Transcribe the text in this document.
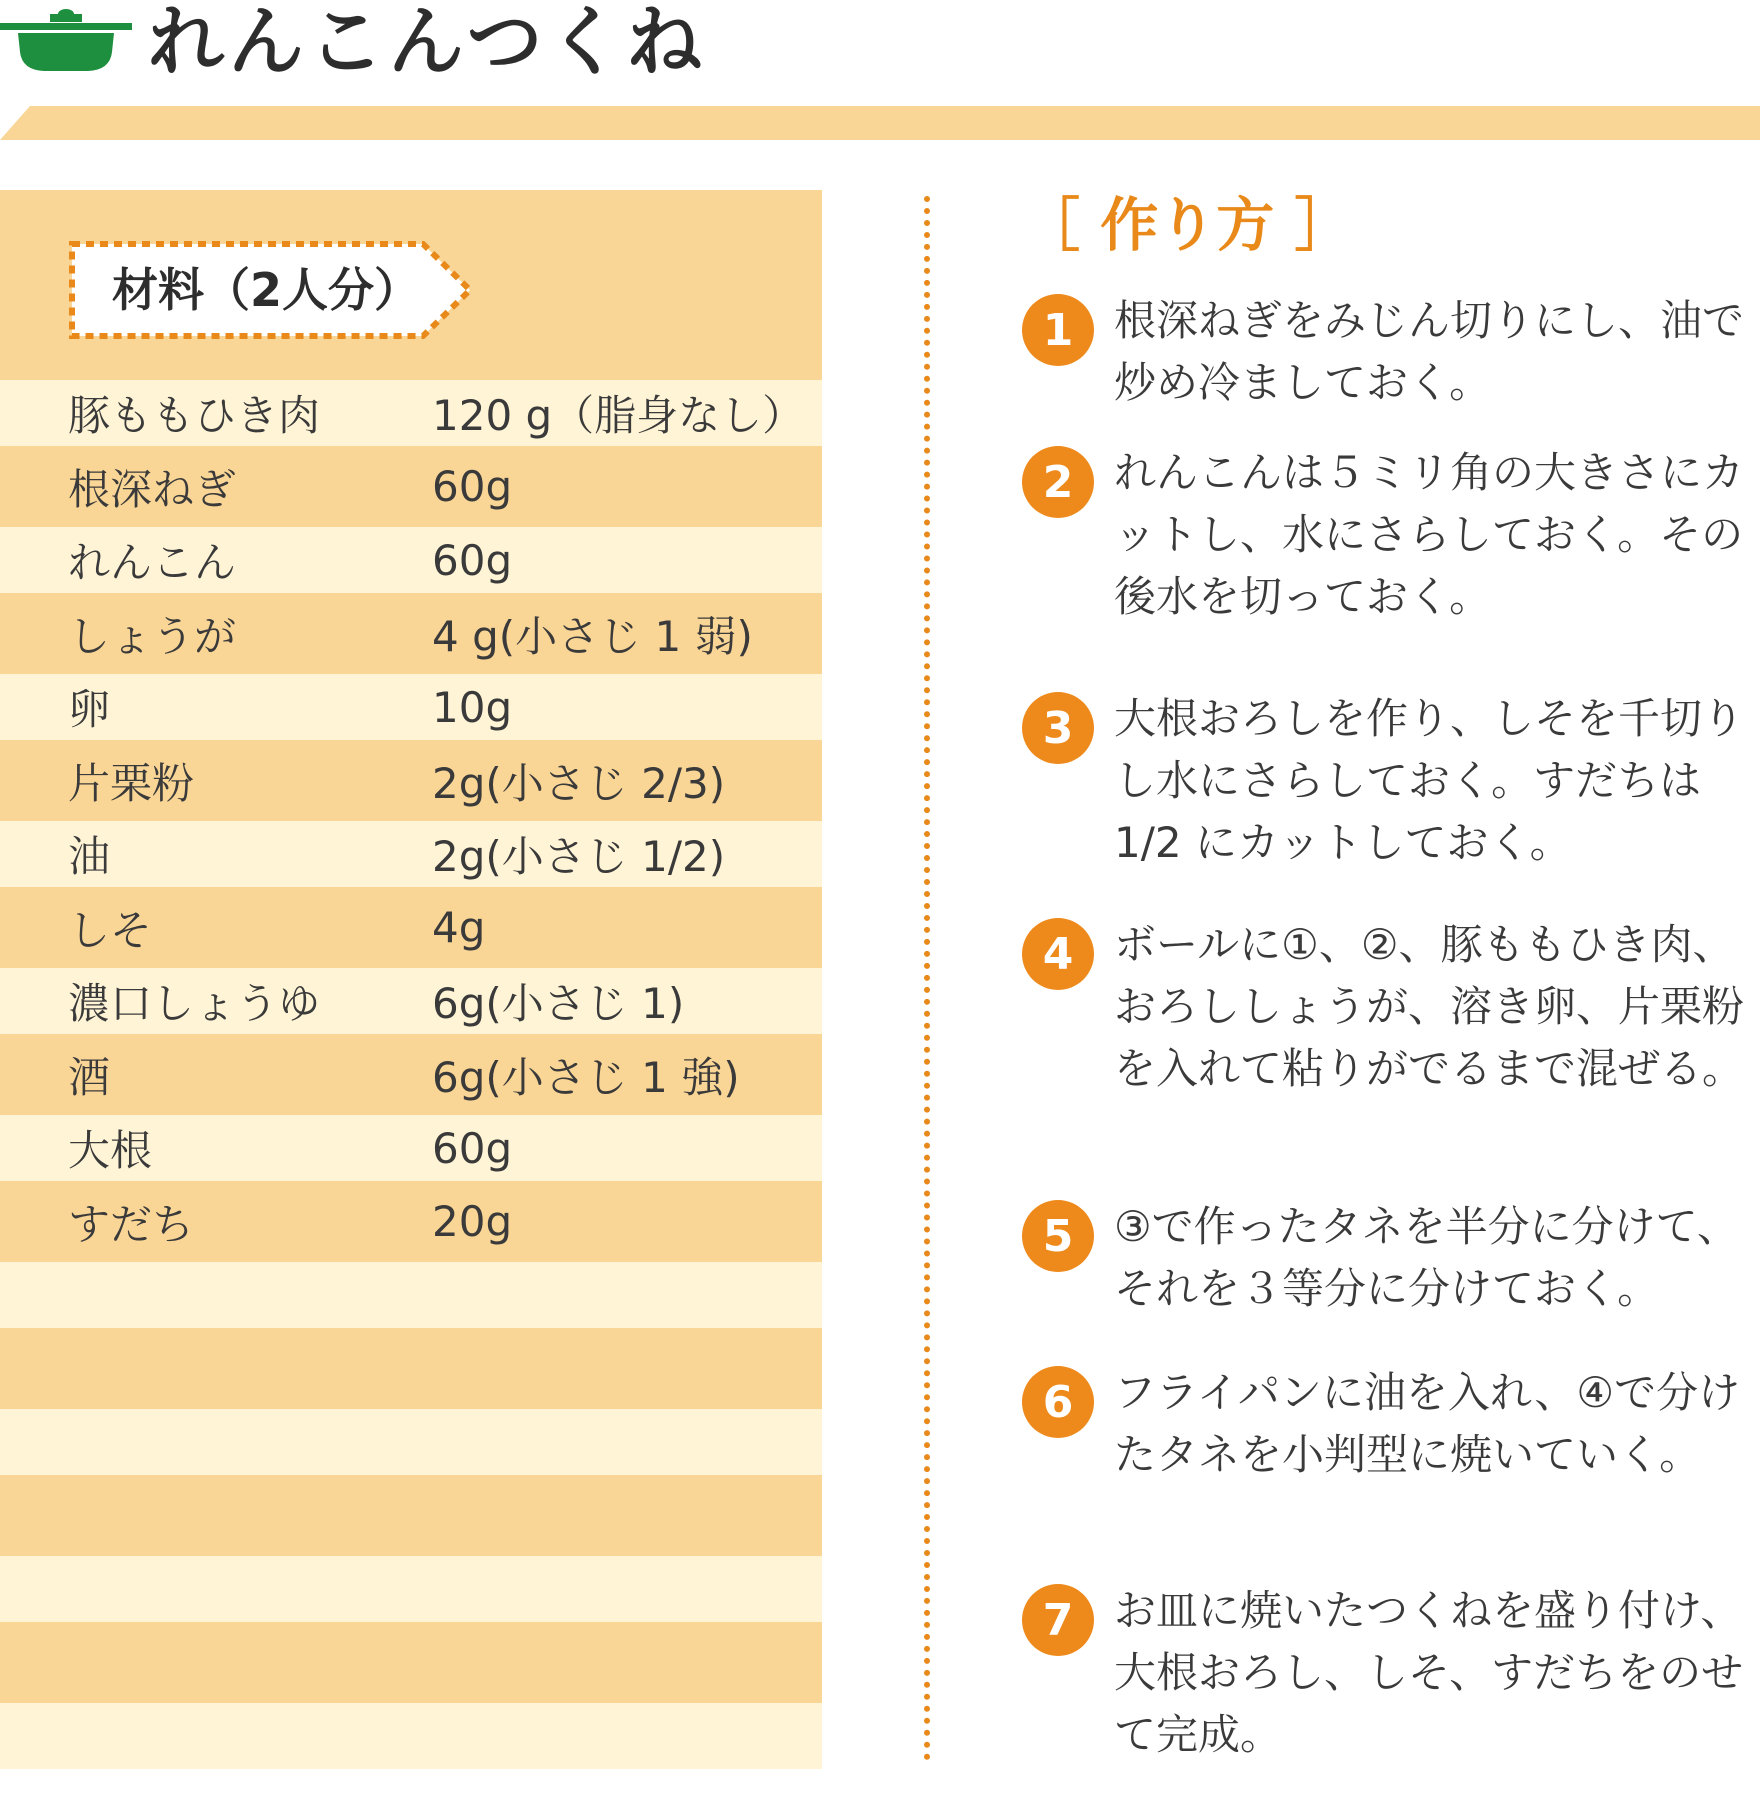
れんこんつくね
材料（2人分）
豚ももひき肉	120 g（脂身なし）
根深ねぎ	60g
れんこん	60g
しょうが	4 g(小さじ 1 弱)
卵	10g
片栗粉	2g(小さじ 2/3)
油	2g(小さじ 1/2)
しそ	4g
濃口しょうゆ	6g(小さじ 1)
酒	6g(小さじ 1 強)
大根	60g
すだち	20g
［ 作り方 ］
1 根深ねぎをみじん切りにし、油で炒め冷ましておく。
2 れんこんは５ミリ角の大きさにカットし、水にさらしておく。その後水を切っておく。
3 大根おろしを作り、しそを千切りし水にさらしておく。すだちは 1/2 にカットしておく。
4 ボールに①、②、豚ももひき肉、おろししょうが、溶き卵、片栗粉を入れて粘りがでるまで混ぜる。
5 ③で作ったタネを半分に分けて、それを３等分に分けておく。
6 フライパンに油を入れ、④で分けたタネを小判型に焼いていく。
7 お皿に焼いたつくねを盛り付け、大根おろし、しそ、すだちをのせて完成。
